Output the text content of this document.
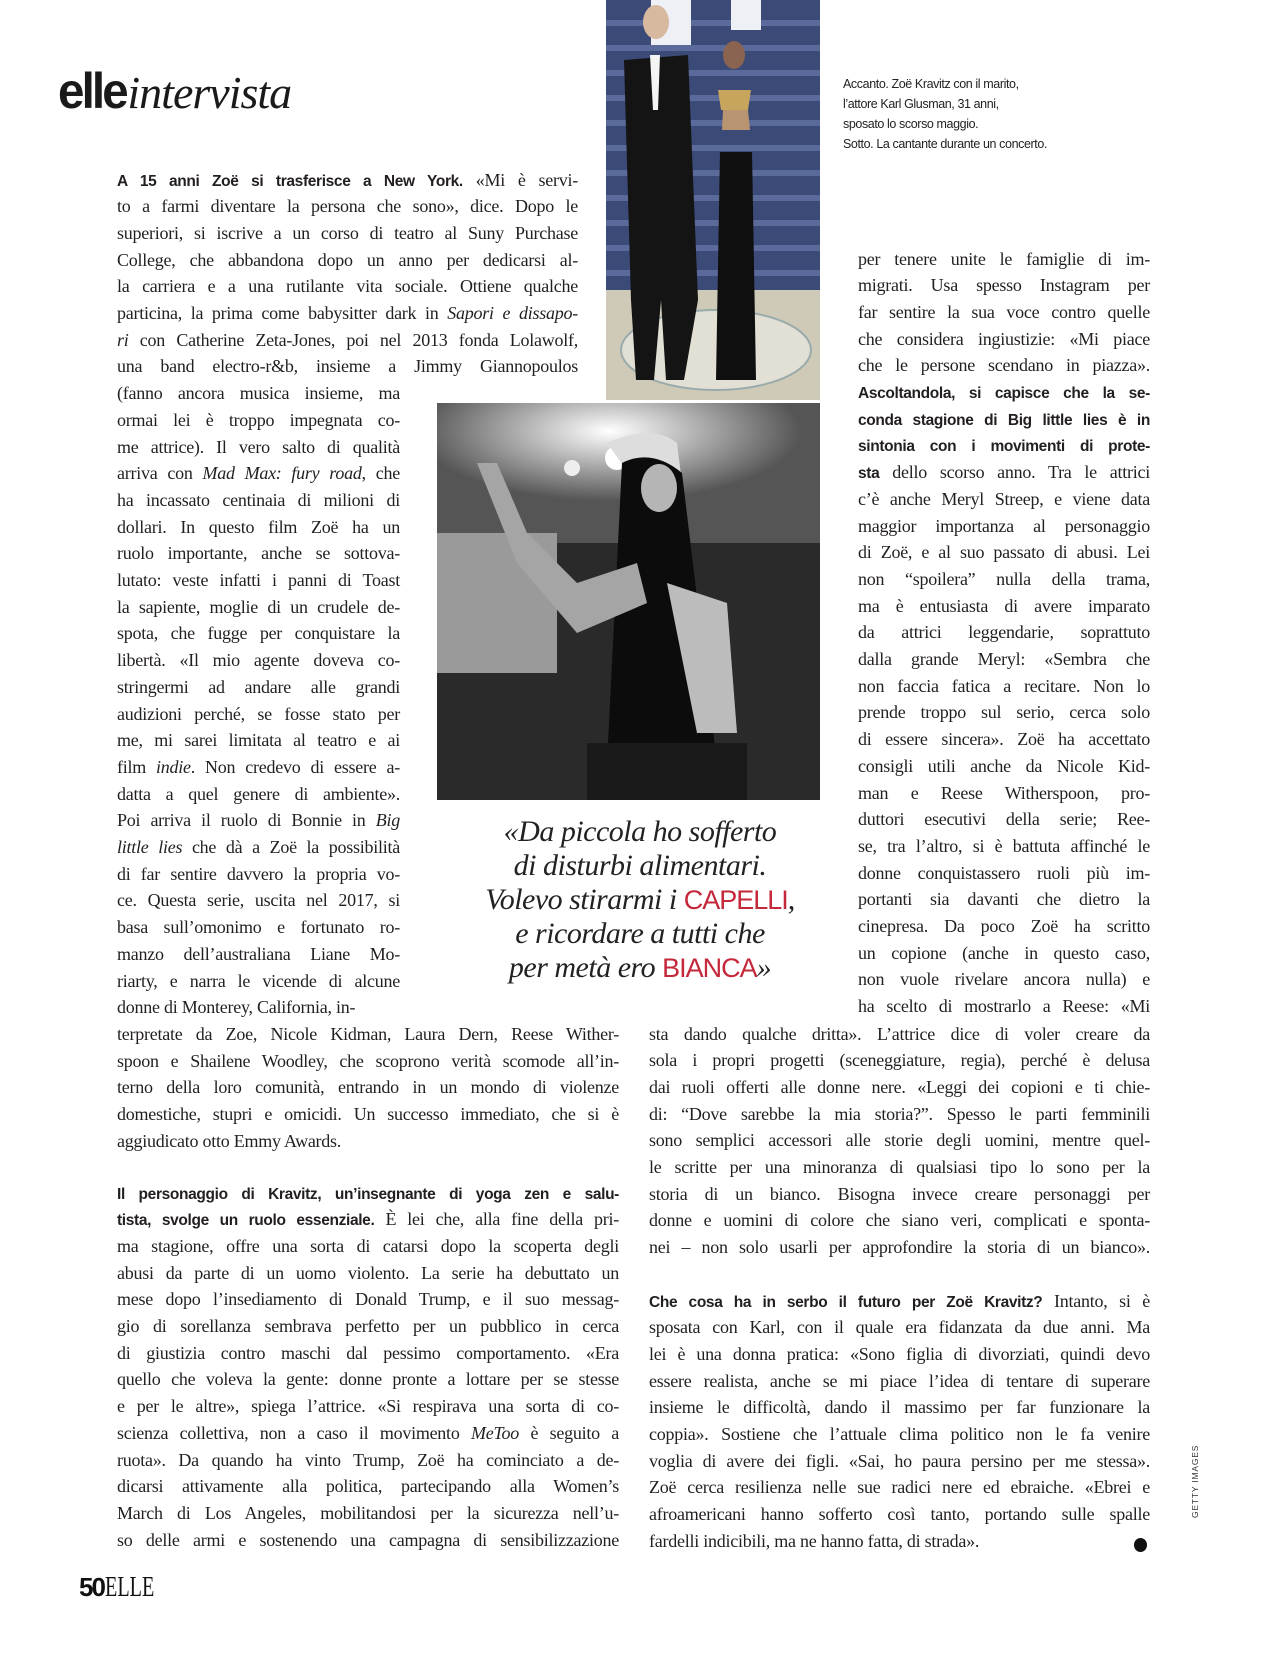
elleintervista	Accanto. Zoë Kravitz con il marito,
l’attore Karl Glusman, 31 anni,
sposato lo scorso maggio.
Sotto. La cantante durante un concerto.
A 15 anni Zoë si trasferisce a New York. «Mi è servi-
to a farmi diventare la persona che sono», dice. Dopo le
superiori, si iscrive a un corso di teatro al Suny Purchase
College, che abbandona dopo un anno per dedicarsi al-
la carriera e a una rutilante vita sociale. Ottiene qualche
particina, la prima come babysitter dark in Sapori e dissapo-
ri con Catherine Zeta-Jones, poi nel 2013 fonda Lolawolf,
una band electro-r&b, insieme a Jimmy Giannopoulos
(fanno ancora musica insieme, ma
ormai lei è troppo impegnata co-
me attrice). Il vero salto di qualità
arriva con Mad Max: fury road, che
ha incassato centinaia di milioni di
dollari. In questo film Zoë ha un
ruolo importante, anche se sottova-
lutato: veste infatti i panni di Toast
la sapiente, moglie di un crudele de-
spota, che fugge per conquistare la
libertà. «Il mio agente doveva co-
stringermi ad andare alle grandi
audizioni perché, se fosse stato per
me, mi sarei limitata al teatro e ai
film indie. Non credevo di essere a-
datta a quel genere di ambiente».
Poi arriva il ruolo di Bonnie in Big
little lies che dà a Zoë la possibilità
di far sentire davvero la propria vo-
ce. Questa serie, uscita nel 2017, si
basa sull’omonimo e fortunato ro-
manzo dell’australiana Liane Mo-
riarty, e narra le vicende di alcune
donne di Monterey, California, in-
terpretate da Zoe, Nicole Kidman, Laura Dern, Reese Wither-
spoon e Shailene Woodley, che scoprono verità scomode all’in-
terno della loro comunità, entrando in un mondo di violenze
domestiche, stupri e omicidi. Un successo immediato, che si è
aggiudicato otto Emmy Awards.
Il personaggio di Kravitz, un’insegnante di yoga zen e salu-
tista, svolge un ruolo essenziale. È lei che, alla fine della pri-
ma stagione, offre una sorta di catarsi dopo la scoperta degli
abusi da parte di un uomo violento. La serie ha debuttato un
mese dopo l’insediamento di Donald Trump, e il suo messag-
gio di sorellanza sembrava perfetto per un pubblico in cerca
di giustizia contro maschi dal pessimo comportamento. «Era
quello che voleva la gente: donne pronte a lottare per se stesse
e per le altre», spiega l’attrice. «Si respirava una sorta di co-
scienza collettiva, non a caso il movimento MeToo è seguito a
ruota». Da quando ha vinto Trump, Zoë ha cominciato a de-
dicarsi attivamente alla politica, partecipando alla Women’s
March di Los Angeles, mobilitandosi per la sicurezza nell’u-
so delle armi e sostenendo una campagna di sensibilizzazione
per tenere unite le famiglie di im-
migrati. Usa spesso Instagram per
far sentire la sua voce contro quelle
che considera ingiustizie: «Mi piace
che le persone scendano in piazza».
Ascoltandola, si capisce che la se-
conda stagione di Big little lies è in
sintonia con i movimenti di prote-
sta dello scorso anno. Tra le attrici
c’è anche Meryl Streep, e viene data
maggior importanza al personaggio
di Zoë, e al suo passato di abusi. Lei
non “spoilera” nulla della trama,
ma è entusiasta di avere imparato
da attrici leggendarie, soprattuto
dalla grande Meryl: «Sembra che
non faccia fatica a recitare. Non lo
prende troppo sul serio, cerca solo
di essere sincera». Zoë ha accettato
consigli utili anche da Nicole Kid-
man e Reese Witherspoon, pro-
duttori esecutivi della serie; Ree-
se, tra l’altro, si è battuta affinché le
donne conquistassero ruoli più im-
portanti sia davanti che dietro la
cinepresa. Da poco Zoë ha scritto
un copione (anche in questo caso,
non vuole rivelare ancora nulla) e
ha scelto di mostrarlo a Reese: «Mi
sta dando qualche dritta». L’attrice dice di voler creare da
sola i propri progetti (sceneggiature, regia), perché è delusa
dai ruoli offerti alle donne nere. «Leggi dei copioni e ti chie-
di: “Dove sarebbe la mia storia?”. Spesso le parti femminili
sono semplici accessori alle storie degli uomini, mentre quel-
le scritte per una minoranza di qualsiasi tipo lo sono per la
storia di un bianco. Bisogna invece creare personaggi per
donne e uomini di colore che siano veri, complicati e sponta-
nei – non solo usarli per approfondire la storia di un bianco».
Che cosa ha in serbo il futuro per Zoë Kravitz? Intanto, si è
sposata con Karl, con il quale era fidanzata da due anni. Ma
lei è una donna pratica: «Sono figlia di divorziati, quindi devo
essere realista, anche se mi piace l’idea di tentare di superare
insieme le difficoltà, dando il massimo per far funzionare la
coppia». Sostiene che l’attuale clima politico non le fa venire
voglia di avere dei figli. «Sai, ho paura persino per me stessa».
Zoë cerca resilienza nelle sue radici nere ed ebraiche. «Ebrei e
afroamericani hanno sofferto così tanto, portando sulle spalle
fardelli indicibili, ma ne hanno fatta, di strada».
«Da piccola ho sofferto
di disturbi alimentari.
Volevo stirarmi i CAPELLI,
e ricordare a tutti che
per metà ero BIANCA»
GETTY IMAGES
50ELLE
